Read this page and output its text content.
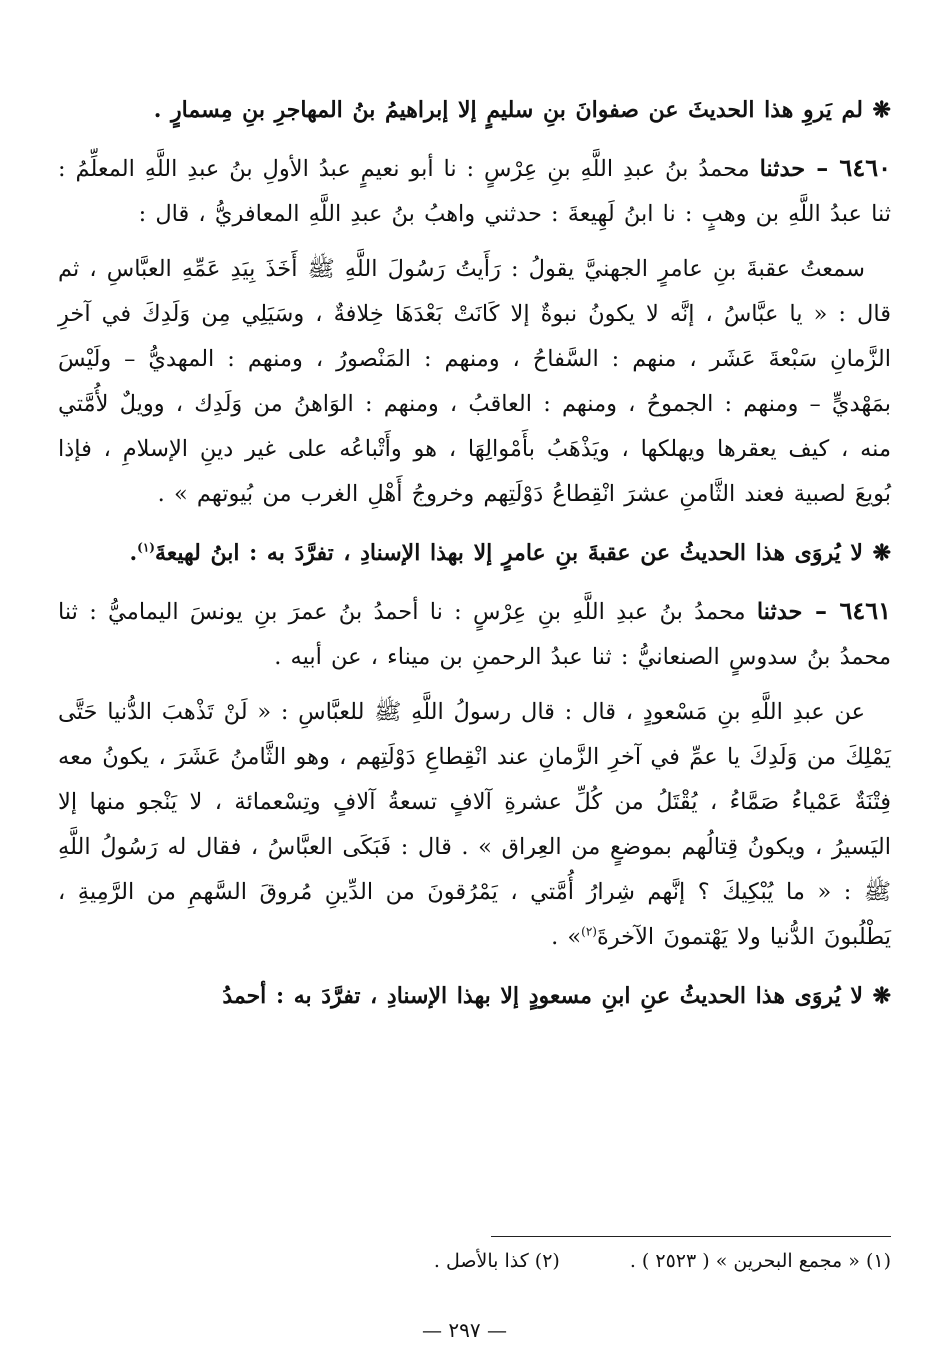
❋ لم يَروِ هذا الحديثَ عن صفوانَ بنِ سليمٍ إلا إبراهيمُ بنُ المهاجرِ بنِ مِسمارٍ .

٦٤٦٠ – حدثنا محمدُ بنُ عبدِ اللَّهِ بنِ عِرْسٍ : نا أبو نعيمٍ عبدُ الأولِ بنُ عبدِ اللَّهِ المعلِّمُ : ثنا عبدُ اللَّهِ بن وهبٍ : نا ابنُ لَهِيعةَ : حدثني واهبُ بنُ عبدِ اللَّهِ المعافريُّ ، قال :

سمعتُ عقبةَ بنِ عامرٍ الجهنيَّ يقولُ : رَأَيتُ رَسُولَ اللَّهِ ﷺ أَخَذَ بِيَدِ عَمِّهِ العبَّاسِ ، ثم قال : « يا عبَّاسُ ، إنَّه لا يكونُ نبوةٌ إلا كَانَتْ بَعْدَهَا خِلافةٌ ، وسَيَلِي مِن وَلَدِكَ في آخرِ الزَّمانِ سَبْعةَ عَشَر ، منهم : السَّفاحُ ، ومنهم : المَنْصورُ ، ومنهم : المهديُّ – ولَيْسَ بمَهْديٍّ – ومنهم : الجموحُ ، ومنهم : العاقبُ ، ومنهم : الوَاهنُ من وَلَدِك ، وويلٌ لأُمَّتي منه ، كيف يعقرها ويهلكها ، ويَذْهَبُ بأَمْوالِهَا ، هو وأَتْباعُه على غير دينِ الإسلامِ ، فإذا بُويعَ لصبية فعند الثَّامنِ عشرَ انْقِطاعُ دَوْلَتِهم وخروجُ أَهْلِ الغرب من بُيوتهم » .

❋ لا يُروَى هذا الحديثُ عن عقبةَ بنِ عامرٍ إلا بهذا الإسنادِ ، تفرَّدَ به : ابنُ لهيعةَ$^{(١)}$.

٦٤٦١ – حدثنا محمدُ بنُ عبدِ اللَّهِ بنِ عِرْسٍ : نا أحمدُ بنُ عمرَ بنِ يونسَ اليماميُّ : ثنا محمدُ بنُ سدوسٍ الصنعانيُّ : ثنا عبدُ الرحمنِ بن ميناء ، عن أبيه .

عن عبدِ اللَّهِ بنِ مَسْعودٍ ، قال : قال رسولُ اللَّهِ ﷺ للعبَّاسِ : « لَنْ تَذْهبَ الدُّنيا حَتَّى يَمْلِكَ من وَلَدِكَ يا عمِّ في آخرِ الزَّمانِ عند انْقِطاعِ دَوْلَتِهم ، وهو الثَّامنُ عَشَرَ ، يكونُ معه فِتْنَةٌ عَمْياءُ صَمَّاءُ ، يُقْتَلُ من كُلِّ عشرةِ آلافٍ تسعةُ آلافٍ وتِسْعمائة ، لا يَنْجو منها إلا اليَسيرُ ، ويكونُ قِتالُهم بموضعٍ من العِراق » . قال : فَبَكَى العبَّاسُ ، فقال له رَسُولُ اللَّهِ ﷺ : « ما يُبْكِيكَ ؟ إنَّهم شِرارُ أُمَّتي ، يَمْرُقونَ من الدِّينِ مُروقَ السَّهمِ من الرَّمِيةِ ، يَطْلُبونَ الدُّنيا ولا يَهْتمونَ الآخرةَ$^{(٢)}$» .

❋ لا يُروَى هذا الحديثُ عنِ ابنِ مسعودٍ إلا بهذا الإسنادِ ، تفرَّدَ به : أحمدُ

(١) « مجمع البحرين » ( ٢٥٢٣ ) .
(٢) كذا بالأصل .
— ٢٩٧ —
